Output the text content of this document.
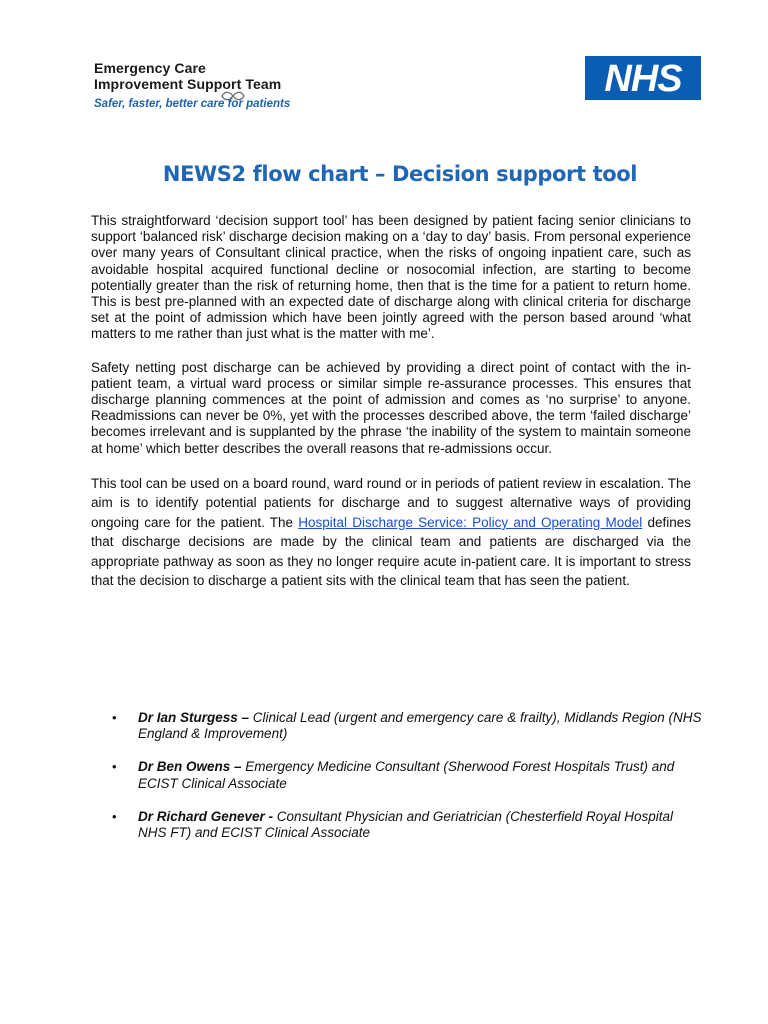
Emergency Care
Improvement Support Team
Safer, faster, better care for patients
NHS
NEWS2 flow chart – Decision support tool

This straightforward ‘decision support tool’ has been designed by patient facing senior clinicians to support ‘balanced risk’ discharge decision making on a ‘day to day’ basis. From personal experience over many years of Consultant clinical practice, when the risks of ongoing inpatient care, such as avoidable hospital acquired functional decline or nosocomial infection, are starting to become potentially greater than the risk of returning home, then that is the time for a patient to return home. This is best pre-planned with an expected date of discharge along with clinical criteria for discharge set at the point of admission which have been jointly agreed with the person based around ‘what matters to me rather than just what is the matter with me’.

Safety netting post discharge can be achieved by providing a direct point of contact with the in-patient team, a virtual ward process or similar simple re-assurance processes. This ensures that discharge planning commences at the point of admission and comes as ‘no surprise’ to anyone. Readmissions can never be 0%, yet with the processes described above, the term ‘failed discharge’ becomes irrelevant and is supplanted by the phrase ‘the inability of the system to maintain someone at home’ which better describes the overall reasons that re-admissions occur.

This tool can be used on a board round, ward round or in periods of patient review in escalation. The aim is to identify potential patients for discharge and to suggest alternative ways of providing ongoing care for the patient. The Hospital Discharge Service: Policy and Operating Model defines that discharge decisions are made by the clinical team and patients are discharged via the appropriate pathway as soon as they no longer require acute in-patient care. It is important to stress that the decision to discharge a patient sits with the clinical team that has seen the patient.

• Dr Ian Sturgess – Clinical Lead (urgent and emergency care & frailty), Midlands Region (NHS England & Improvement)
• Dr Ben Owens – Emergency Medicine Consultant (Sherwood Forest Hospitals Trust) and ECIST Clinical Associate
• Dr Richard Genever - Consultant Physician and Geriatrician (Chesterfield Royal Hospital NHS FT) and ECIST Clinical Associate
